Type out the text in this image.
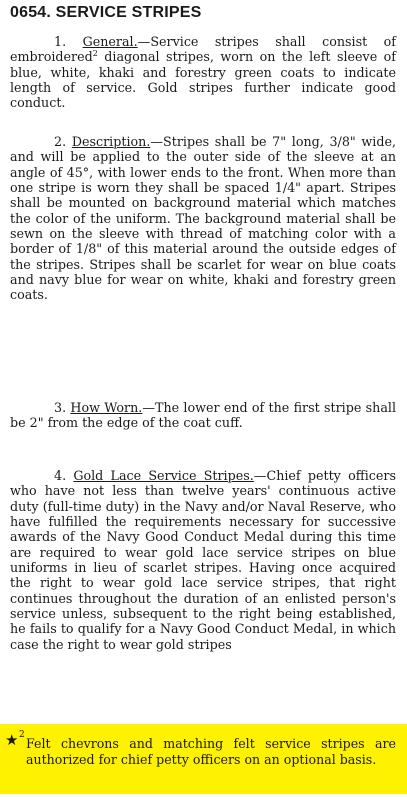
0654. SERVICE STRIPES
1. General.—Service stripes shall consist of embroidered$^2$ diagonal stripes, worn on the left sleeve of blue, white, khaki and forestry green coats to indicate length of service. Gold stripes further indicate good conduct.
2. Description.—Stripes shall be 7" long, 3/8" wide, and will be applied to the outer side of the sleeve at an angle of 45°, with lower ends to the front. When more than one stripe is worn they shall be spaced 1/4" apart. Stripes shall be mounted on background material which matches the color of the uniform. The background material shall be sewn on the sleeve with thread of matching color with a border of 1/8" of this material around the outside edges of the stripes. Stripes shall be scarlet for wear on blue coats and navy blue for wear on white, khaki and forestry green coats.
3. How Worn.—The lower end of the first stripe shall be 2" from the edge of the coat cuff.
4. Gold Lace Service Stripes.—Chief petty officers who have not less than twelve years' continuous active duty (full-time duty) in the Navy and/or Naval Reserve, who have fulfilled the requirements necessary for successive awards of the Navy Good Conduct Medal during this time are required to wear gold lace service stripes on blue uniforms in lieu of scarlet stripes. Having once acquired the right to wear gold lace service stripes, that right continues throughout the duration of an enlisted person's service unless, subsequent to the right being established, he fails to qualify for a Navy Good Conduct Medal, in which case the right to wear gold stripes
★ 2
Felt chevrons and matching felt service stripes are authorized for chief petty officers on an optional basis.
